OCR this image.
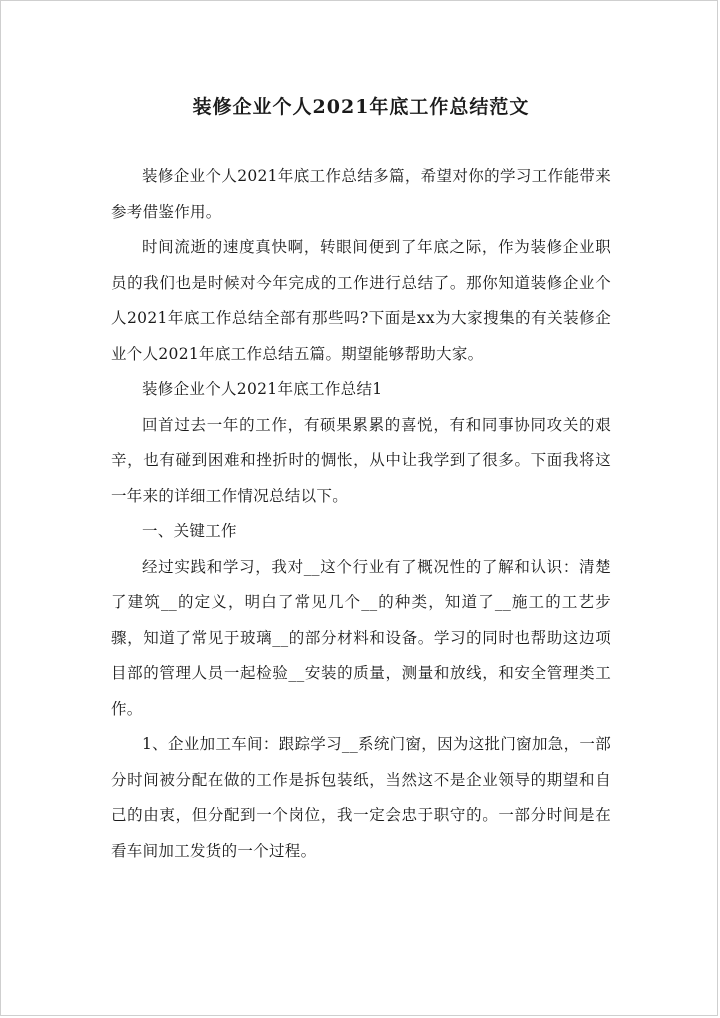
装修企业个人2021年底工作总结范文

装修企业个人2021年底工作总结多篇，希望对你的学习工作能带来参考借鉴作用。

时间流逝的速度真快啊，转眼间便到了年底之际，作为装修企业职员的我们也是时候对今年完成的工作进行总结了。那你知道装修企业个人2021年底工作总结全部有那些吗?下面是xx为大家搜集的有关装修企业个人2021年底工作总结五篇。期望能够帮助大家。

装修企业个人2021年底工作总结1

回首过去一年的工作，有硕果累累的喜悦，有和同事协同攻关的艰辛，也有碰到困难和挫折时的惆怅，从中让我学到了很多。下面我将这一年来的详细工作情况总结以下。

一、关键工作

经过实践和学习，我对__这个行业有了概况性的了解和认识：清楚了建筑__的定义，明白了常见几个__的种类，知道了__施工的工艺步骤，知道了常见于玻璃__的部分材料和设备。学习的同时也帮助这边项目部的管理人员一起检验__安装的质量，测量和放线，和安全管理类工作。

1、企业加工车间：跟踪学习__系统门窗，因为这批门窗加急，一部分时间被分配在做的工作是拆包装纸，当然这不是企业领导的期望和自己的由衷，但分配到一个岗位，我一定会忠于职守的。一部分时间是在看车间加工发货的一个过程。
